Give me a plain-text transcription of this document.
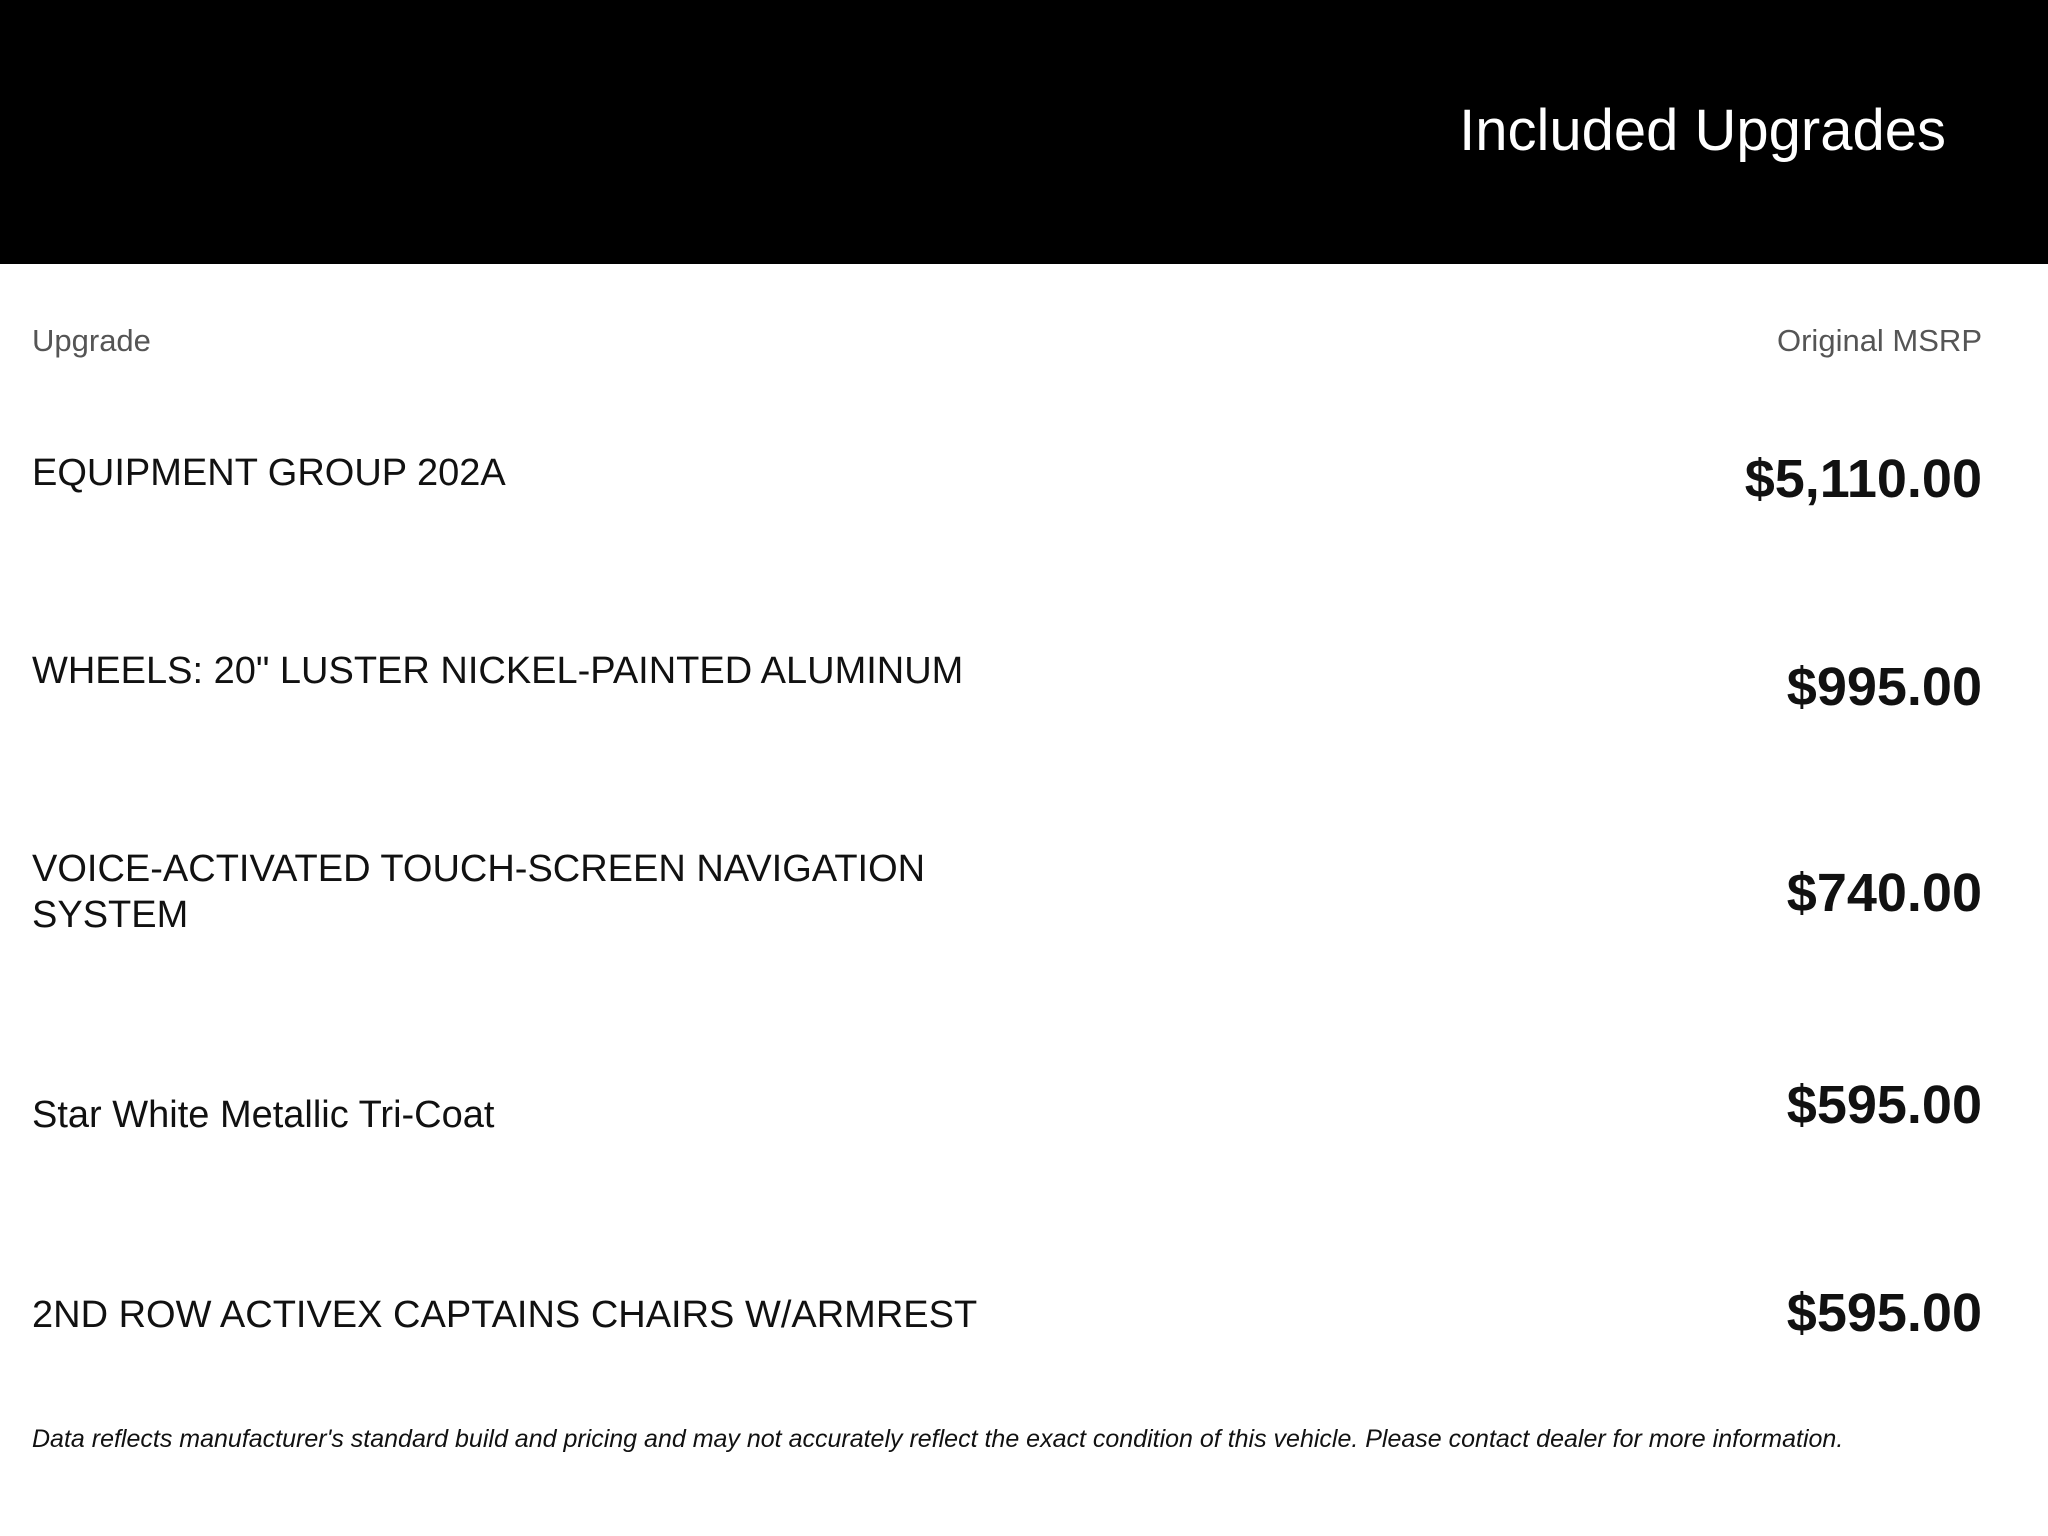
Included Upgrades
Upgrade	Original MSRP
EQUIPMENT GROUP 202A	$5,110.00
WHEELS: 20" LUSTER NICKEL-PAINTED ALUMINUM	$995.00
VOICE-ACTIVATED TOUCH-SCREEN NAVIGATION SYSTEM	$740.00
Star White Metallic Tri-Coat	$595.00
2ND ROW ACTIVEX CAPTAINS CHAIRS W/ARMREST	$595.00
Data reflects manufacturer's standard build and pricing and may not accurately reflect the exact condition of this vehicle. Please contact dealer for more information.
